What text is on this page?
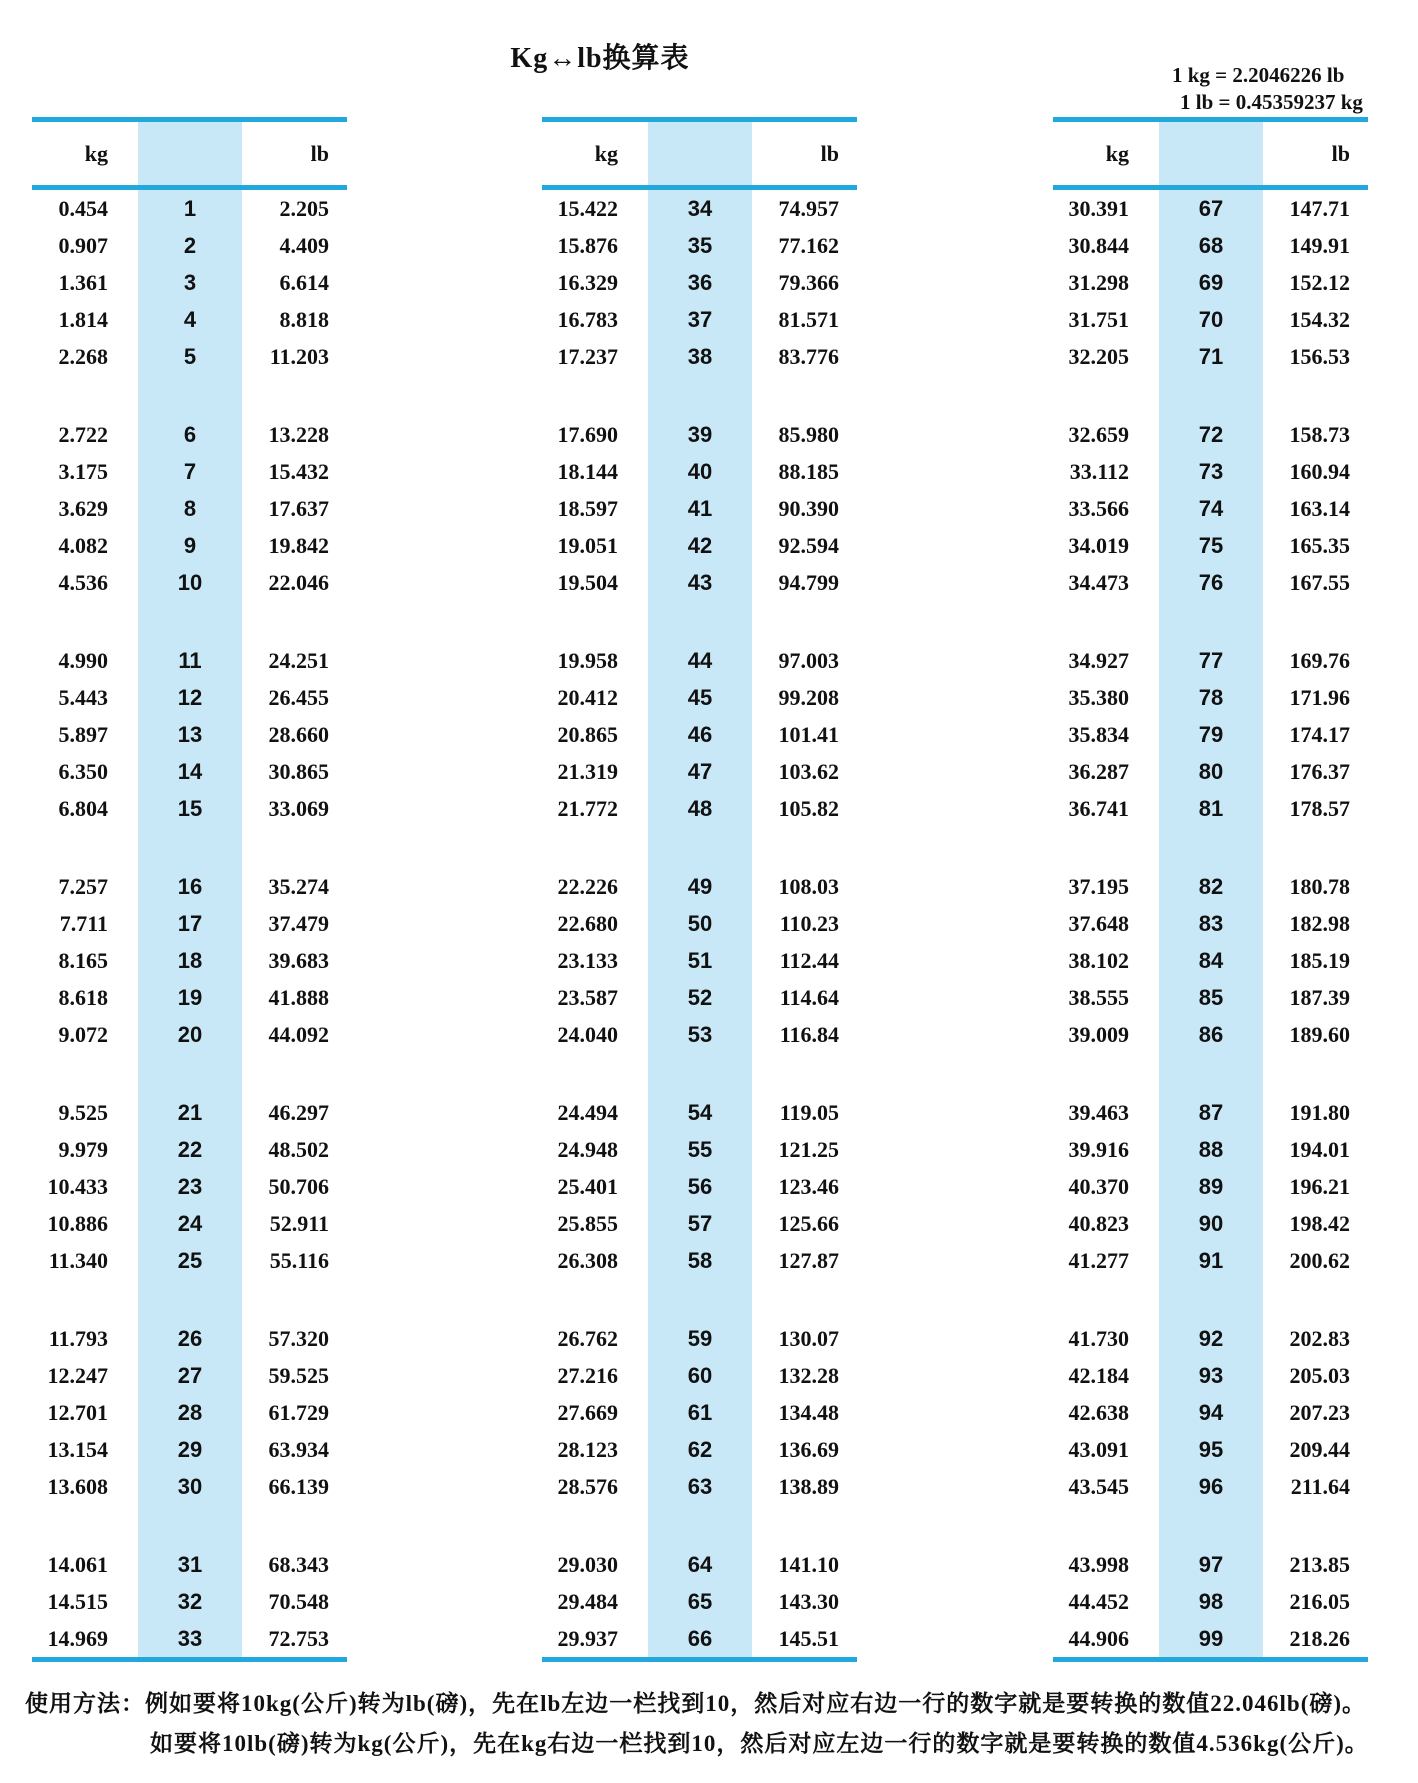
Kg↔lb换算表
1 kg = 2.2046226 lb
1 lb = 0.45359237 kg
kg	lb
0.454	1	2.205
0.907	2	4.409
1.361	3	6.614
1.814	4	8.818
2.268	5	11.203
2.722	6	13.228
3.175	7	15.432
3.629	8	17.637
4.082	9	19.842
4.536	10	22.046
4.990	11	24.251
5.443	12	26.455
5.897	13	28.660
6.350	14	30.865
6.804	15	33.069
7.257	16	35.274
7.711	17	37.479
8.165	18	39.683
8.618	19	41.888
9.072	20	44.092
9.525	21	46.297
9.979	22	48.502
10.433	23	50.706
10.886	24	52.911
11.340	25	55.116
11.793	26	57.320
12.247	27	59.525
12.701	28	61.729
13.154	29	63.934
13.608	30	66.139
14.061	31	68.343
14.515	32	70.548
14.969	33	72.753
kg	lb
15.422	34	74.957
15.876	35	77.162
16.329	36	79.366
16.783	37	81.571
17.237	38	83.776
17.690	39	85.980
18.144	40	88.185
18.597	41	90.390
19.051	42	92.594
19.504	43	94.799
19.958	44	97.003
20.412	45	99.208
20.865	46	101.41
21.319	47	103.62
21.772	48	105.82
22.226	49	108.03
22.680	50	110.23
23.133	51	112.44
23.587	52	114.64
24.040	53	116.84
24.494	54	119.05
24.948	55	121.25
25.401	56	123.46
25.855	57	125.66
26.308	58	127.87
26.762	59	130.07
27.216	60	132.28
27.669	61	134.48
28.123	62	136.69
28.576	63	138.89
29.030	64	141.10
29.484	65	143.30
29.937	66	145.51
kg	lb
30.391	67	147.71
30.844	68	149.91
31.298	69	152.12
31.751	70	154.32
32.205	71	156.53
32.659	72	158.73
33.112	73	160.94
33.566	74	163.14
34.019	75	165.35
34.473	76	167.55
34.927	77	169.76
35.380	78	171.96
35.834	79	174.17
36.287	80	176.37
36.741	81	178.57
37.195	82	180.78
37.648	83	182.98
38.102	84	185.19
38.555	85	187.39
39.009	86	189.60
39.463	87	191.80
39.916	88	194.01
40.370	89	196.21
40.823	90	198.42
41.277	91	200.62
41.730	92	202.83
42.184	93	205.03
42.638	94	207.23
43.091	95	209.44
43.545	96	211.64
43.998	97	213.85
44.452	98	216.05
44.906	99	218.26
使用方法：例如要将10kg(公斤)转为lb(磅)，先在lb左边一栏找到10，然后对应右边一行的数字就是要转换的数值22.046lb(磅)。
如要将10lb(磅)转为kg(公斤)，先在kg右边一栏找到10，然后对应左边一行的数字就是要转换的数值4.536kg(公斤)。
